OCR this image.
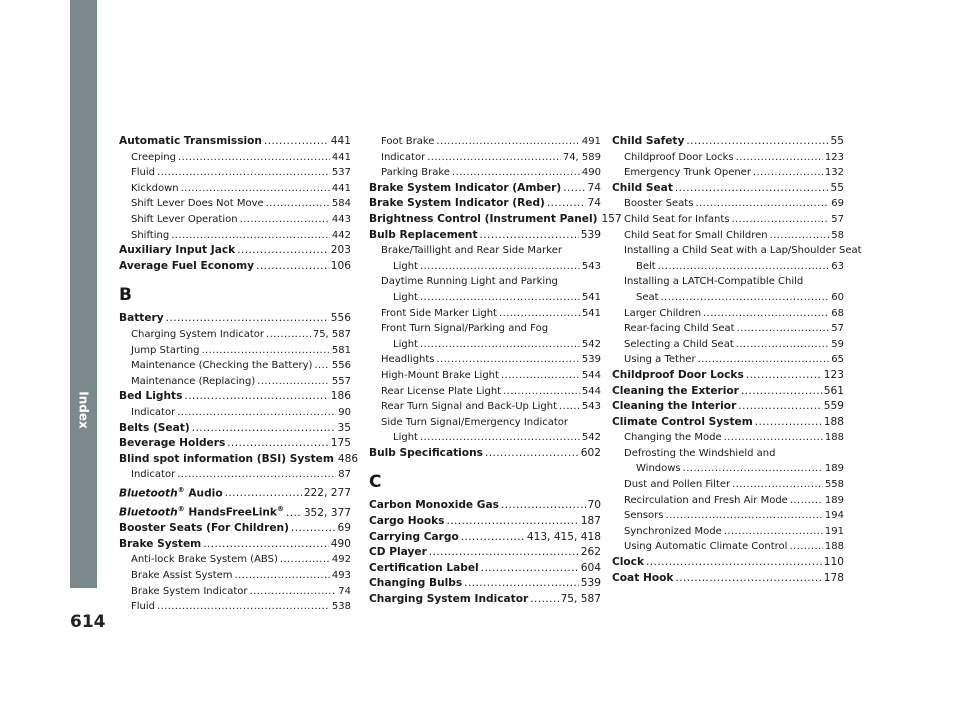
Index
614
Automatic Transmission .....	441
Creeping .....	441
Fluid .....	537
Kickdown .....	441
Shift Lever Does Not Move .....	584
Shift Lever Operation .....	443
Shifting .....	442
Auxiliary Input Jack .....	203
Average Fuel Economy .....	106
B
Battery .....	556
Charging System Indicator .....	75, 587
Jump Starting .....	581
Maintenance (Checking the Battery) ..... 556
Maintenance (Replacing) .....	557
Bed Lights .....	186
Indicator .....	90
Belts (Seat) .....	35
Beverage Holders .....	175
Blind spot information (BSI) System 486
Indicator .....	87
Bluetooth® Audio .....	222, 277
Bluetooth® HandsFreeLink® ..... 352, 377
Booster Seats (For Children) .....	69
Brake System .....	490
Anti-lock Brake System (ABS) .....	492
Brake Assist System .....	493
Brake System Indicator .....	74
Fluid .....	538
Foot Brake .....	491
Indicator .....	74, 589
Parking Brake .....	490
Brake System Indicator (Amber) ..... 74
Brake System Indicator (Red) .....	74
Brightness Control (Instrument Panel) 157
Bulb Replacement .....	539
Brake/Taillight and Rear Side Marker
Light .....	543
Daytime Running Light and Parking
Light .....	541
Front Side Marker Light .....	541
Front Turn Signal/Parking and Fog
Light .....	542
Headlights .....	539
High-Mount Brake Light .....	544
Rear License Plate Light .....	544
Rear Turn Signal and Back-Up Light ..... 543
Side Turn Signal/Emergency Indicator
Light .....	542
Bulb Specifications .....	602
C
Carbon Monoxide Gas .....	70
Cargo Hooks .....	187
Carrying Cargo .....	413, 415, 418
CD Player .....	262
Certification Label .....	604
Changing Bulbs .....	539
Charging System Indicator .....	75, 587
Child Safety .....	55
Childproof Door Locks .....	123
Emergency Trunk Opener .....	132
Child Seat .....	55
Booster Seats .....	69
Child Seat for Infants .....	57
Child Seat for Small Children .....	58
Installing a Child Seat with a Lap/Shoulder Seat
Belt .....	63
Installing a LATCH-Compatible Child
Seat .....	60
Larger Children .....	68
Rear-facing Child Seat .....	57
Selecting a Child Seat .....	59
Using a Tether .....	65
Childproof Door Locks .....	123
Cleaning the Exterior .....	561
Cleaning the Interior .....	559
Climate Control System .....	188
Changing the Mode .....	188
Defrosting the Windshield and
Windows .....	189
Dust and Pollen Filter .....	558
Recirculation and Fresh Air Mode .....	189
Sensors .....	194
Synchronized Mode .....	191
Using Automatic Climate Control .....	188
Clock .....	110
Coat Hook .....	178
